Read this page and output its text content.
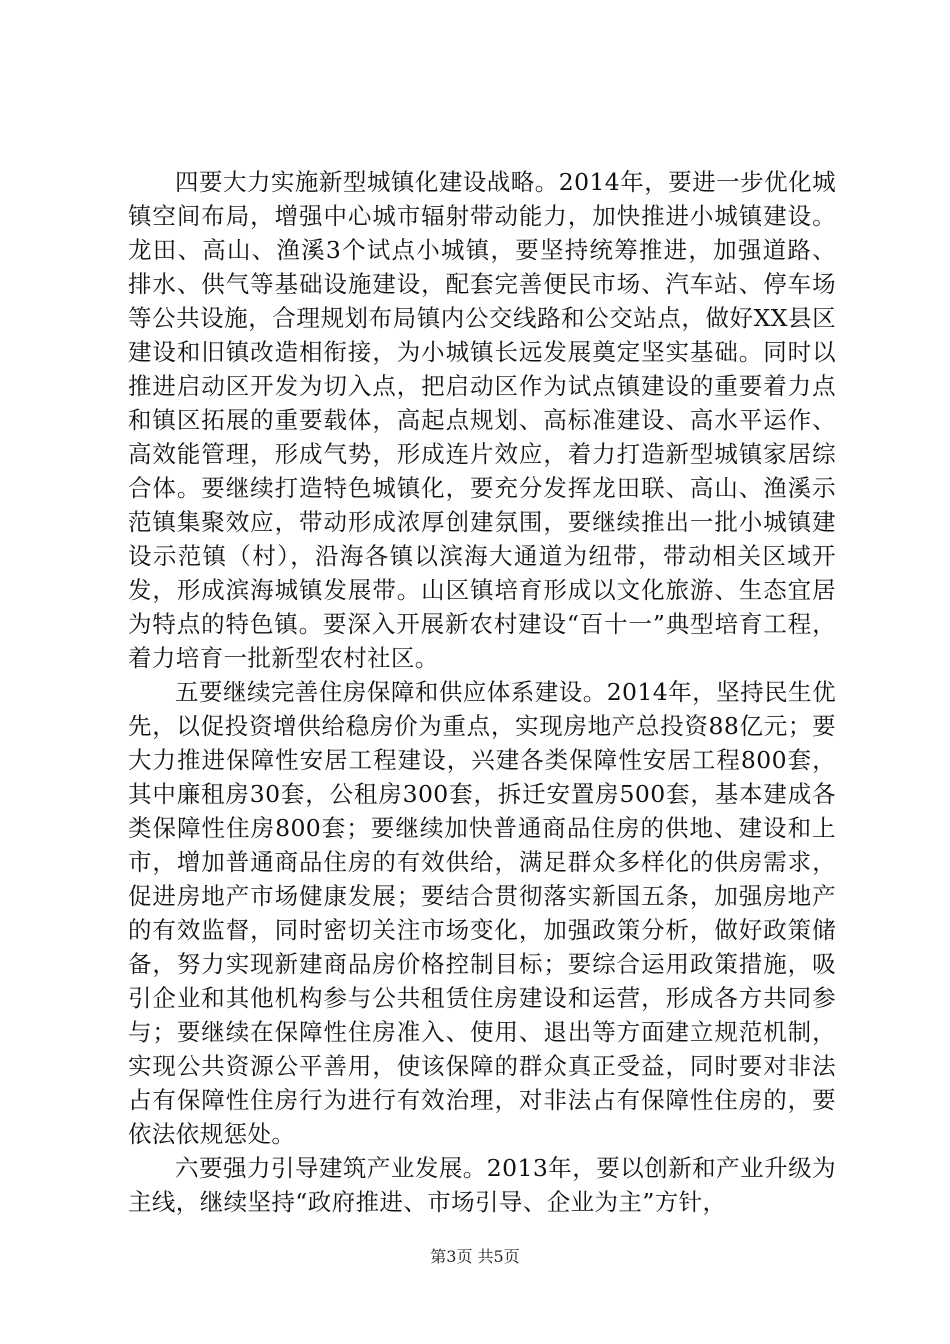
四要大力实施新型城镇化建设战略。2014年，要进一步优化城镇空间布局，增强中心城市辐射带动能力，加快推进小城镇建设。龙田、高山、渔溪3个试点小城镇，要坚持统筹推进，加强道路、排水、供气等基础设施建设，配套完善便民市场、汽车站、停车场等公共设施，合理规划布局镇内公交线路和公交站点，做好XX县区建设和旧镇改造相衔接，为小城镇长远发展奠定坚实基础。同时以推进启动区开发为切入点，把启动区作为试点镇建设的重要着力点和镇区拓展的重要载体，高起点规划、高标准建设、高水平运作、高效能管理，形成气势，形成连片效应，着力打造新型城镇家居综合体。要继续打造特色城镇化，要充分发挥龙田联、高山、渔溪示范镇集聚效应，带动形成浓厚创建氛围，要继续推出一批小城镇建设示范镇（村），沿海各镇以滨海大通道为纽带，带动相关区域开发，形成滨海城镇发展带。山区镇培育形成以文化旅游、生态宜居为特点的特色镇。要深入开展新农村建设“百十一”典型培育工程，着力培育一批新型农村社区。

五要继续完善住房保障和供应体系建设。2014年，坚持民生优先，以促投资增供给稳房价为重点，实现房地产总投资88亿元；要大力推进保障性安居工程建设，兴建各类保障性安居工程800套，其中廉租房30套，公租房300套，拆迁安置房500套，基本建成各类保障性住房800套；要继续加快普通商品住房的供地、建设和上市，增加普通商品住房的有效供给，满足群众多样化的供房需求，促进房地产市场健康发展；要结合贯彻落实新国五条，加强房地产的有效监督，同时密切关注市场变化，加强政策分析，做好政策储备，努力实现新建商品房价格控制目标；要综合运用政策措施，吸引企业和其他机构参与公共租赁住房建设和运营，形成各方共同参与；要继续在保障性住房准入、使用、退出等方面建立规范机制，实现公共资源公平善用，使该保障的群众真正受益，同时要对非法占有保障性住房行为进行有效治理，对非法占有保障性住房的，要依法依规惩处。

六要强力引导建筑产业发展。2013年，要以创新和产业升级为主线，继续坚持“政府推进、市场引导、企业为主”方针，

第3页 共5页
